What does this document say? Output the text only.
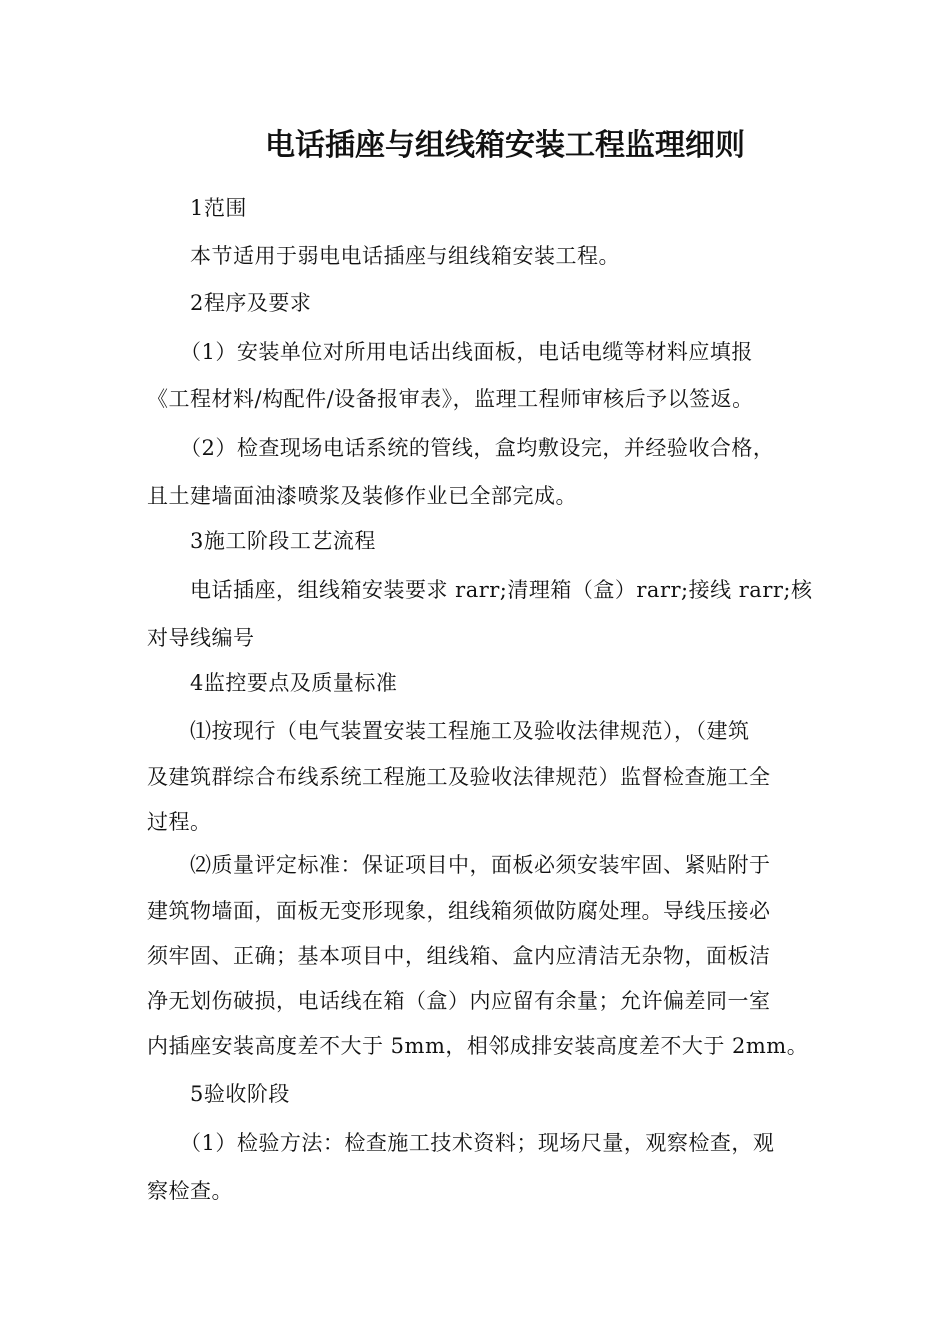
电话插座与组线箱安装工程监理细则
1范围
本节适用于弱电电话插座与组线箱安装工程。
2程序及要求
（1）安装单位对所用电话出线面板，电话电缆等材料应填报
《工程材料/构配件/设备报审表》，监理工程师审核后予以签返。
（2）检查现场电话系统的管线，盒均敷设完，并经验收合格，
且土建墙面油漆喷浆及装修作业已全部完成。
3施工阶段工艺流程
电话插座，组线箱安装要求 rarr;清理箱（盒）rarr;接线 rarr;核
对导线编号
4监控要点及质量标准
⑴按现行（电气装置安装工程施工及验收法律规范），（建筑
及建筑群综合布线系统工程施工及验收法律规范）监督检查施工全
过程。
⑵质量评定标准：保证项目中，面板必须安装牢固、紧贴附于
建筑物墙面，面板无变形现象，组线箱须做防腐处理。导线压接必
须牢固、正确；基本项目中，组线箱、盒内应清洁无杂物，面板洁
净无划伤破损，电话线在箱（盒）内应留有余量；允许偏差同一室
内插座安装高度差不大于 5mm，相邻成排安装高度差不大于 2mm。
5验收阶段
（1）检验方法：检查施工技术资料；现场尺量，观察检查，观
察检查。
